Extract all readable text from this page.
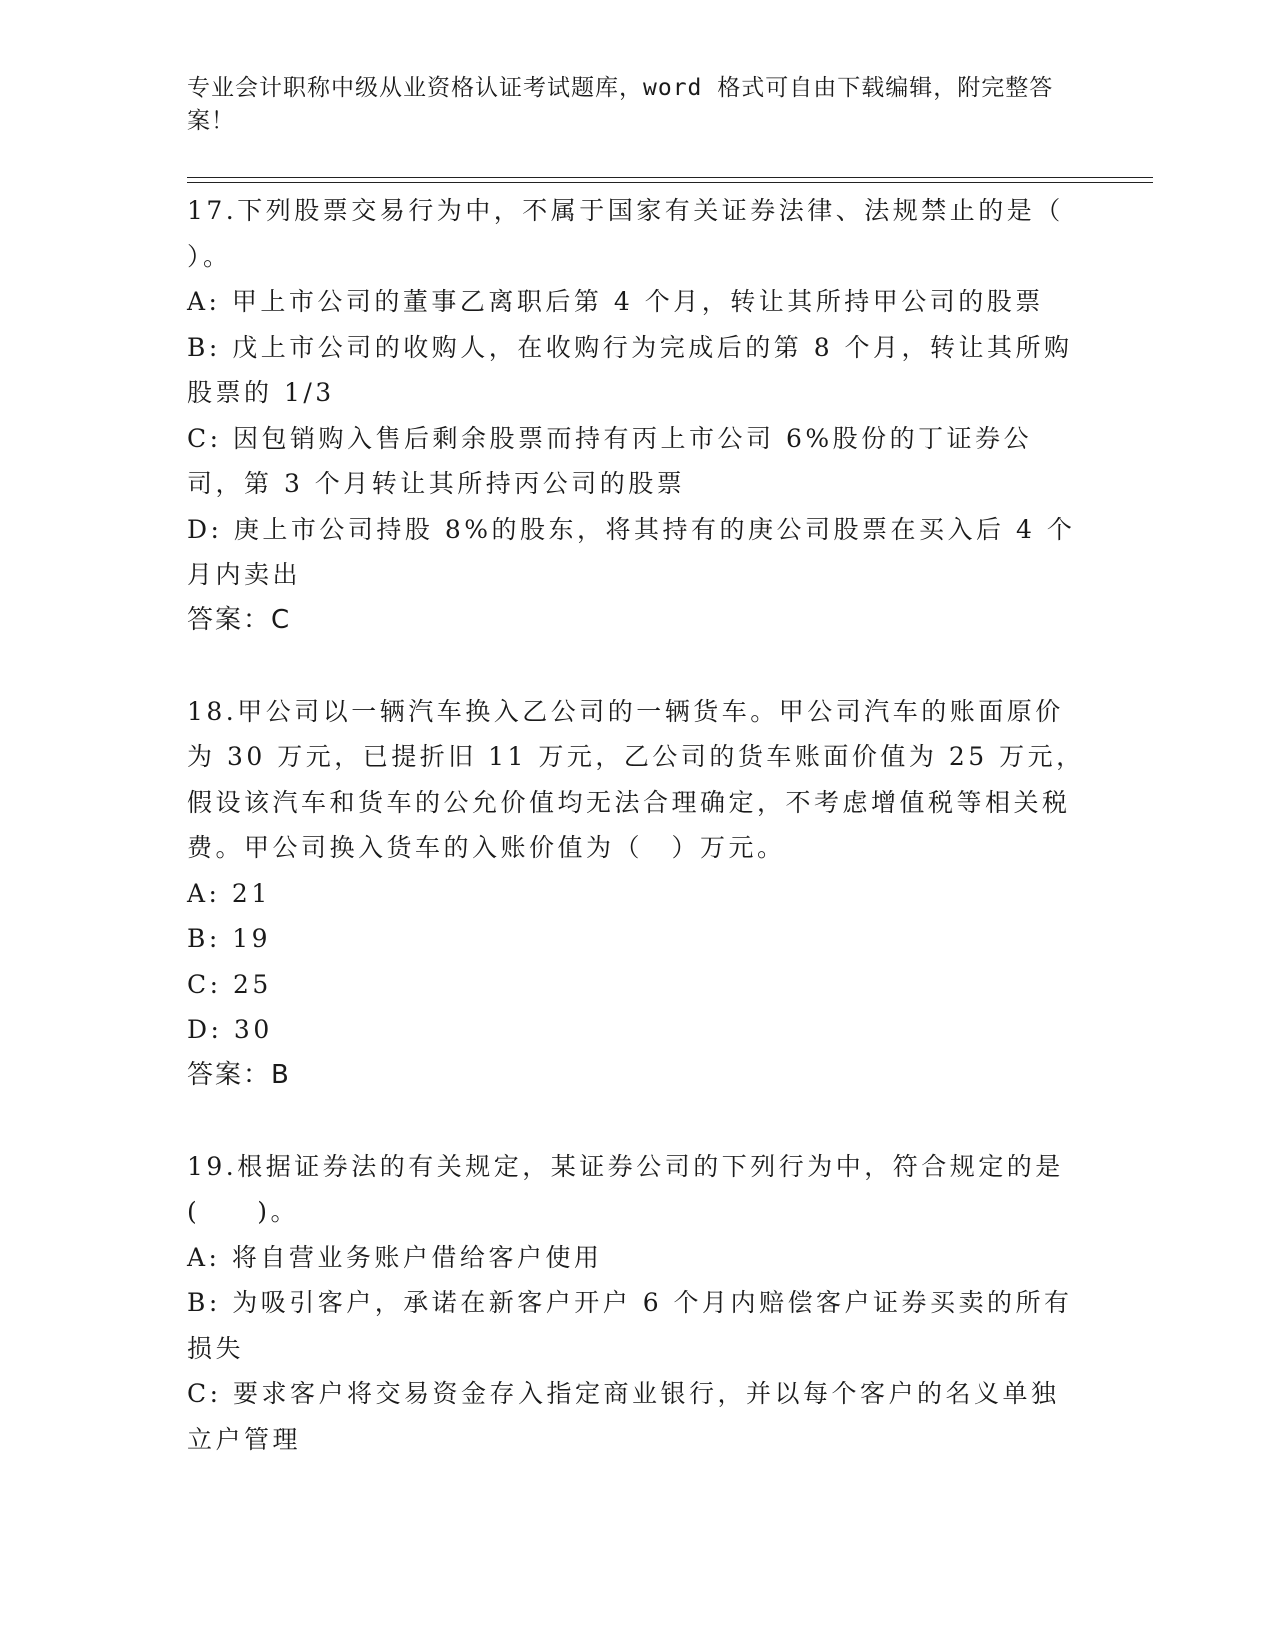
专业会计职称中级从业资格认证考试题库，word 格式可自由下载编辑，附完整答案！

17.下列股票交易行为中，不属于国家有关证券法律、法规禁止的是（ ）。

A: 甲上市公司的董事乙离职后第 4 个月，转让其所持甲公司的股票

B: 戊上市公司的收购人，在收购行为完成后的第 8 个月，转让其所购股票的 1/3

C: 因包销购入售后剩余股票而持有丙上市公司 6%股份的丁证券公司，第 3 个月转让其所持丙公司的股票

D: 庚上市公司持股 8%的股东，将其持有的庚公司股票在买入后 4 个月内卖出

答案：C

18.甲公司以一辆汽车换入乙公司的一辆货车。甲公司汽车的账面原价为 30 万元，已提折旧 11 万元，乙公司的货车账面价值为 25 万元，假设该汽车和货车的公允价值均无法合理确定，不考虑增值税等相关税费。甲公司换入货车的入账价值为（　）万元。

A: 21

B: 19

C: 25

D: 30

答案：B

19.根据证券法的有关规定，某证券公司的下列行为中，符合规定的是(　　)。

A: 将自营业务账户借给客户使用

B: 为吸引客户，承诺在新客户开户 6 个月内赔偿客户证券买卖的所有损失

C: 要求客户将交易资金存入指定商业银行，并以每个客户的名义单独立户管理
